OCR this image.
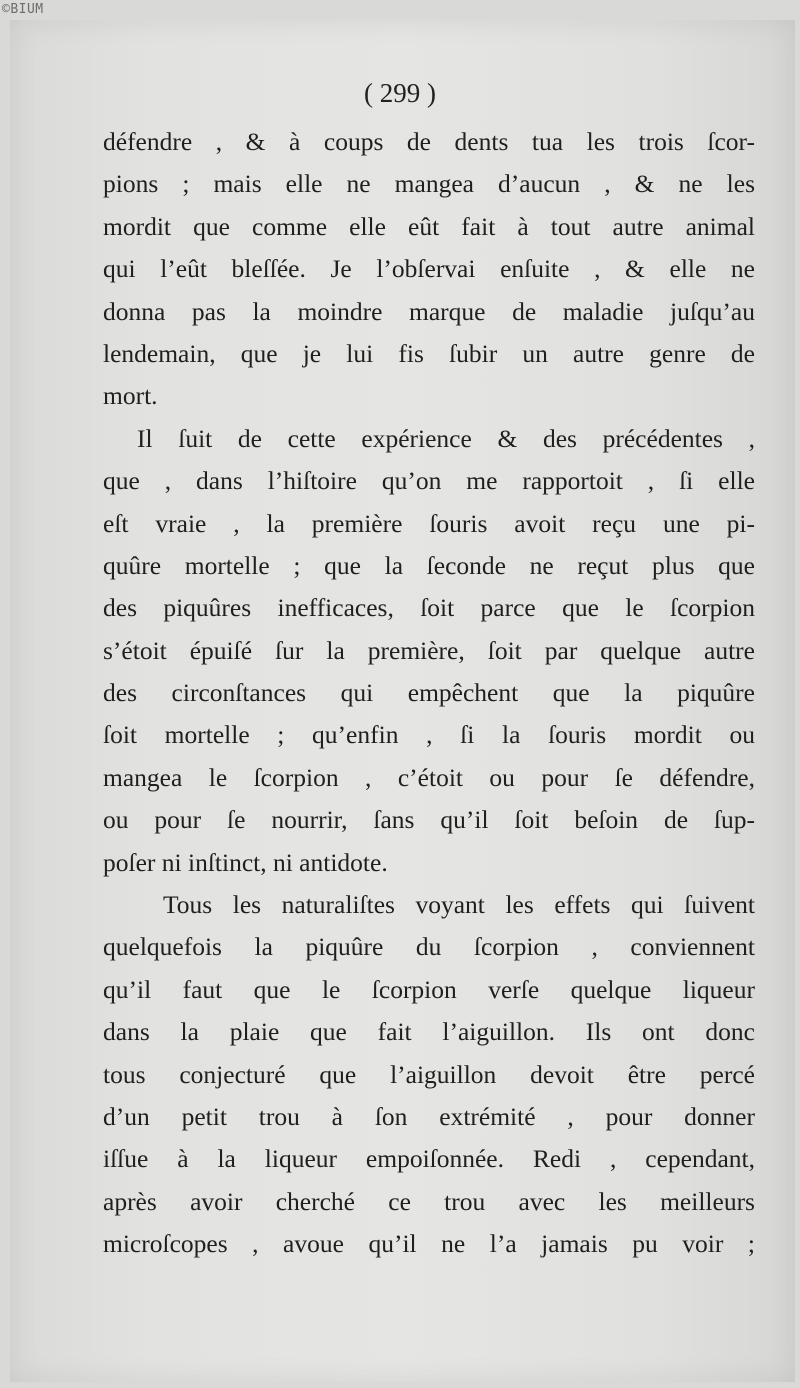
©BIUM
( 299 )
défendre , & à coups de dents tua les trois ſcor-
pions ; mais elle ne mangea d’aucun , & ne les
mordit que comme elle eût fait à tout autre animal
qui l’eût bleſſée. Je l’obſervai enſuite , & elle ne
donna pas la moindre marque de maladie juſqu’au
lendemain, que je lui fis ſubir un autre genre de
mort.
Il ſuit de cette expérience & des précédentes ,
que , dans l’hiſtoire qu’on me rapportoit , ſi elle
eſt vraie , la première ſouris avoit reçu une pi-
quûre mortelle ; que la ſeconde ne reçut plus que
des piquûres inefficaces, ſoit parce que le ſcorpion
s’étoit épuiſé ſur la première, ſoit par quelque autre
des circonſtances qui empêchent que la piquûre
ſoit mortelle ; qu’enfin , ſi la ſouris mordit ou
mangea le ſcorpion , c’étoit ou pour ſe défendre,
ou pour ſe nourrir, ſans qu’il ſoit beſoin de ſup-
poſer ni inſtinct, ni antidote.
Tous les naturaliſtes voyant les effets qui ſuivent
quelquefois la piquûre du ſcorpion , conviennent
qu’il faut que le ſcorpion verſe quelque liqueur
dans la plaie que fait l’aiguillon. Ils ont donc
tous conjecturé que l’aiguillon devoit être percé
d’un petit trou à ſon extrémité , pour donner
iſſue à la liqueur empoiſonnée. Redi , cependant,
après avoir cherché ce trou avec les meilleurs
microſcopes , avoue qu’il ne l’a jamais pu voir ;
